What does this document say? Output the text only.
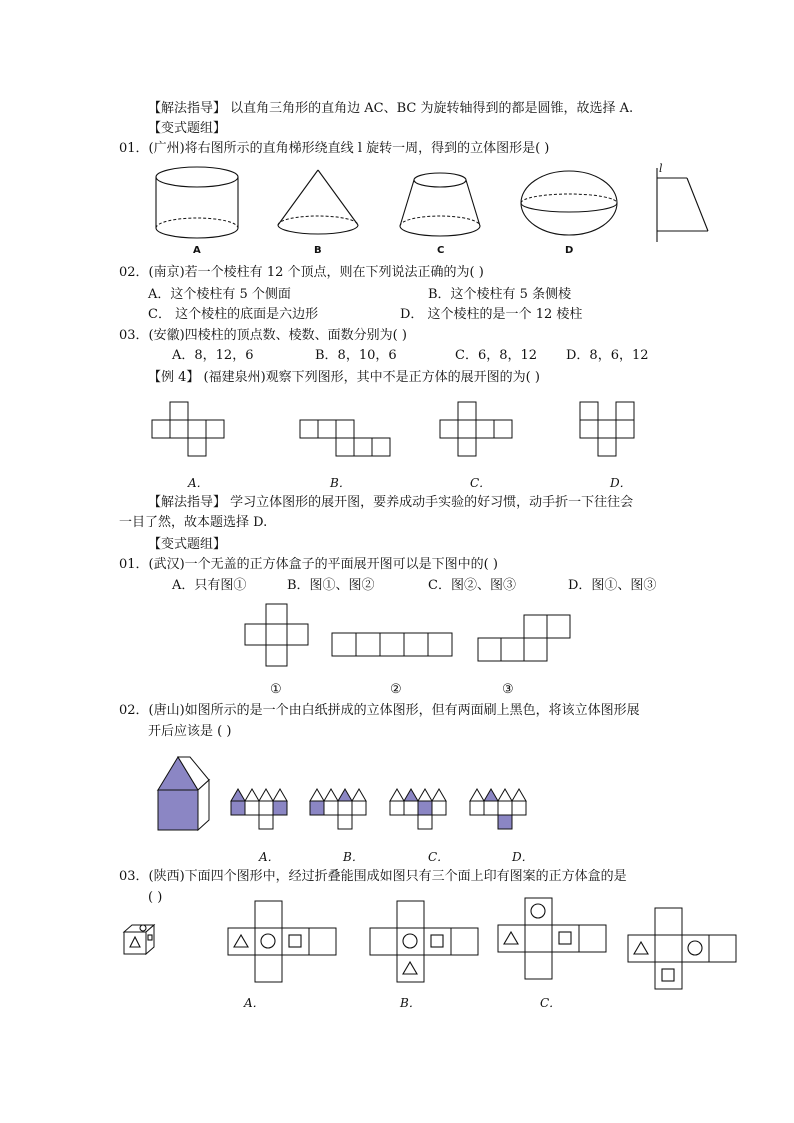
【解法指导】 以直角三角形的直角边 AC、BC 为旋转轴得到的都是圆锥，故选择 A.
【变式题组】
01．(广州)将右图所示的直角梯形绕直线 l 旋转一周，得到的立体图形是( )
l
A	B	C	D
02．(南京)若一个棱柱有 12 个顶点，则在下列说法正确的为( )
A．这个棱柱有 5 个侧面	B．这个棱柱有 5 条侧棱
C． 这个棱柱的底面是六边形	D． 这个棱柱的是一个 12 棱柱
03．(安徽)四棱柱的顶点数、棱数、面数分别为( )
A．8，12，6	B．8，10，6	C．6，8，12 D．8，6，12
【例 4】 (福建泉州)观察下列图形，其中不是正方体的展开图的为( )
A．	B．	C．	D．
【解法指导】 学习立体图形的展开图，要养成动手实验的好习惯，动手折一下往往会
一目了然，故本题选择 D.
【变式题组】
01．(武汉)一个无盖的正方体盒子的平面展开图可以是下图中的( )
A．只有图①	B．图①、图②	C．图②、图③	D．图①、图③
①	②	③
02．(唐山)如图所示的是一个由白纸拼成的立体图形，但有两面刷上黑色，将该立体图形展
开后应该是 ( )
A．	B．	C．	D．
03．(陕西)下面四个图形中，经过折叠能围成如图只有三个面上印有图案的正方体盒的是
( )
A．	B．	C．
